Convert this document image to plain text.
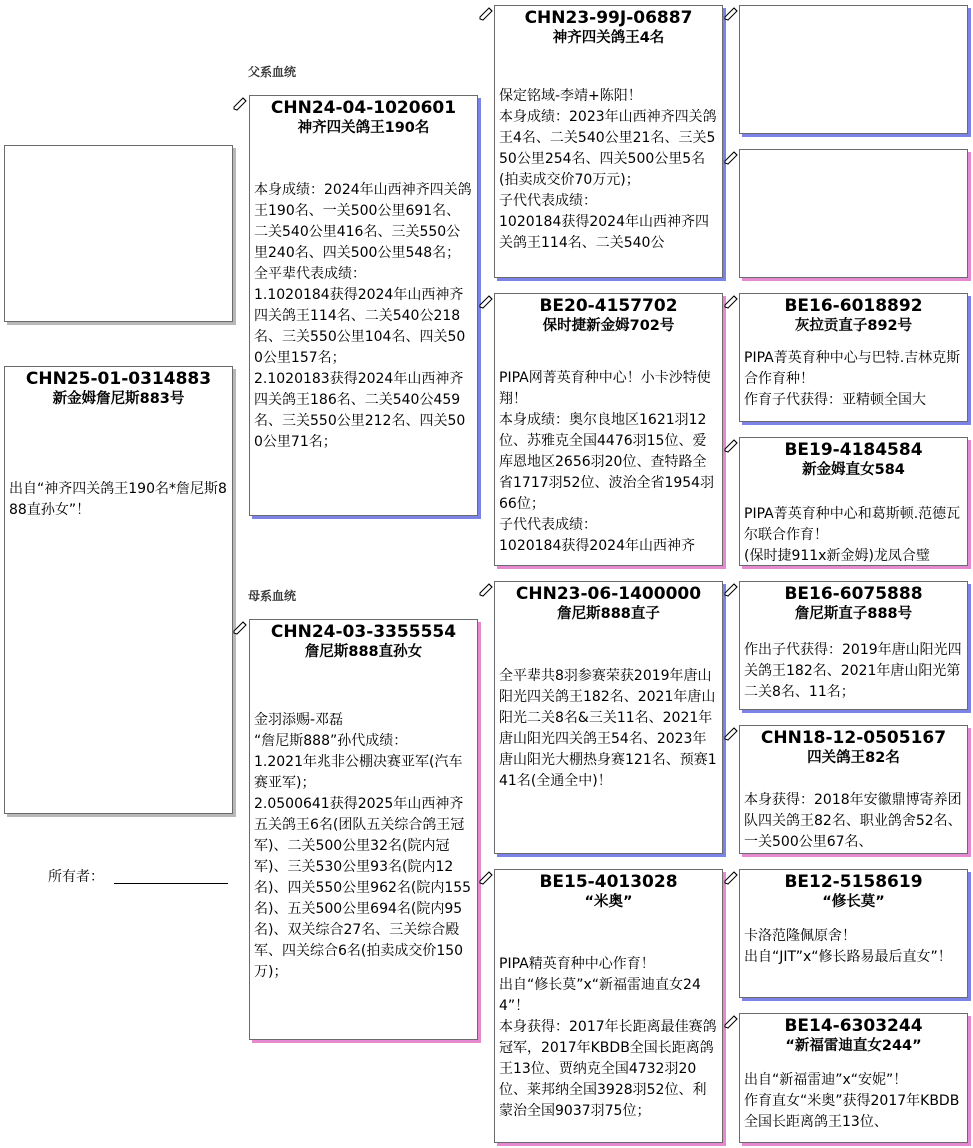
父系血统
母系血统
CHN25-01-0314883
新金姆詹尼斯883号
出自“神齐四关鸽王190名*詹尼斯888直孙女”！
所有者：
CHN24-04-1020601
神齐四关鸽王190名
本身成绩：2024年山西神齐四关鸽王190名、一关500公里691名、二关540公里416名、三关550公里240名、四关500公里548名；
全平辈代表成绩：
1.1020184获得2024年山西神齐四关鸽王114名、二关540公218名、三关550公里104名、四关500公里157名；
2.1020183获得2024年山西神齐四关鸽王186名、二关540公459名、三关550公里212名、四关500公里71名；
CHN24-03-3355554
詹尼斯888直孙女
金羽添赐-邓磊
“詹尼斯888”孙代成绩：
1.2021年兆非公棚决赛亚军(汽车赛亚军)；
2.0500641获得2025年山西神齐五关鸽王6名(团队五关综合鸽王冠军)、二关500公里32名(院内冠军)、三关530公里93名(院内12名)、四关550公里962名(院内155名)、五关500公里694名(院内95名)、双关综合27名、三关综合殿军、四关综合6名(拍卖成交价150万)；
CHN23-99J-06887
神齐四关鸽王4名
保定铭域-李靖+陈阳！
本身成绩：2023年山西神齐四关鸽王4名、二关540公里21名、三关550公里254名、四关500公里5名(拍卖成交价70万元)；
子代代表成绩：
1020184获得2024年山西神齐四关鸽王114名、二关540公
BE20-4157702
保时捷新金姆702号
PIPA网菁英育种中心！小卡沙特使翔！
本身成绩：奥尔良地区1621羽12位、苏雅克全国4476羽15位、爱库恩地区2656羽20位、查特路全省1717羽52位、波治全省1954羽66位；
子代代表成绩：
1020184获得2024年山西神齐
CHN23-06-1400000
詹尼斯888直子
全平辈共8羽参赛荣获2019年唐山阳光四关鸽王182名、2021年唐山阳光二关8名&三关11名、2021年唐山阳光四关鸽王54名、2023年唐山阳光大棚热身赛121名、预赛141名(全通全中)！
BE15-4013028
“米奥”
PIPA精英育种中心作育！
出自“修长莫”x“新福雷迪直女244”！
本身获得：2017年长距离最佳赛鸽冠军，2017年KBDB全国长距离鸽王13位、贾纳克全国4732羽20位、莱邦纳全国3928羽52位、利蒙治全国9037羽75位；
BE16-6018892
灰拉贡直子892号
PIPA菁英育种中心与巴特.吉林克斯合作育种！
作育子代获得：亚精顿全国大
BE19-4184584
新金姆直女584
PIPA菁英育种中心和葛斯顿.范德瓦尔联合作育！
(保时捷911x新金姆)龙凤合璧
BE16-6075888
詹尼斯直子888号
作出子代获得：2019年唐山阳光四关鸽王182名、2021年唐山阳光第二关8名、11名；
CHN18-12-0505167
四关鸽王82名
本身获得：2018年安徽鼎博寄养团队四关鸽王82名、职业鸽舍52名、一关500公里67名、
BE12-5158619
“修长莫”
卡洛范隆佩原舍！
出自“JIT”x“修长路易最后直女”！
BE14-6303244
“新福雷迪直女244”
出自“新福雷迪”x“安妮”！
作育直女“米奥”获得2017年KBDB全国长距离鸽王13位、
